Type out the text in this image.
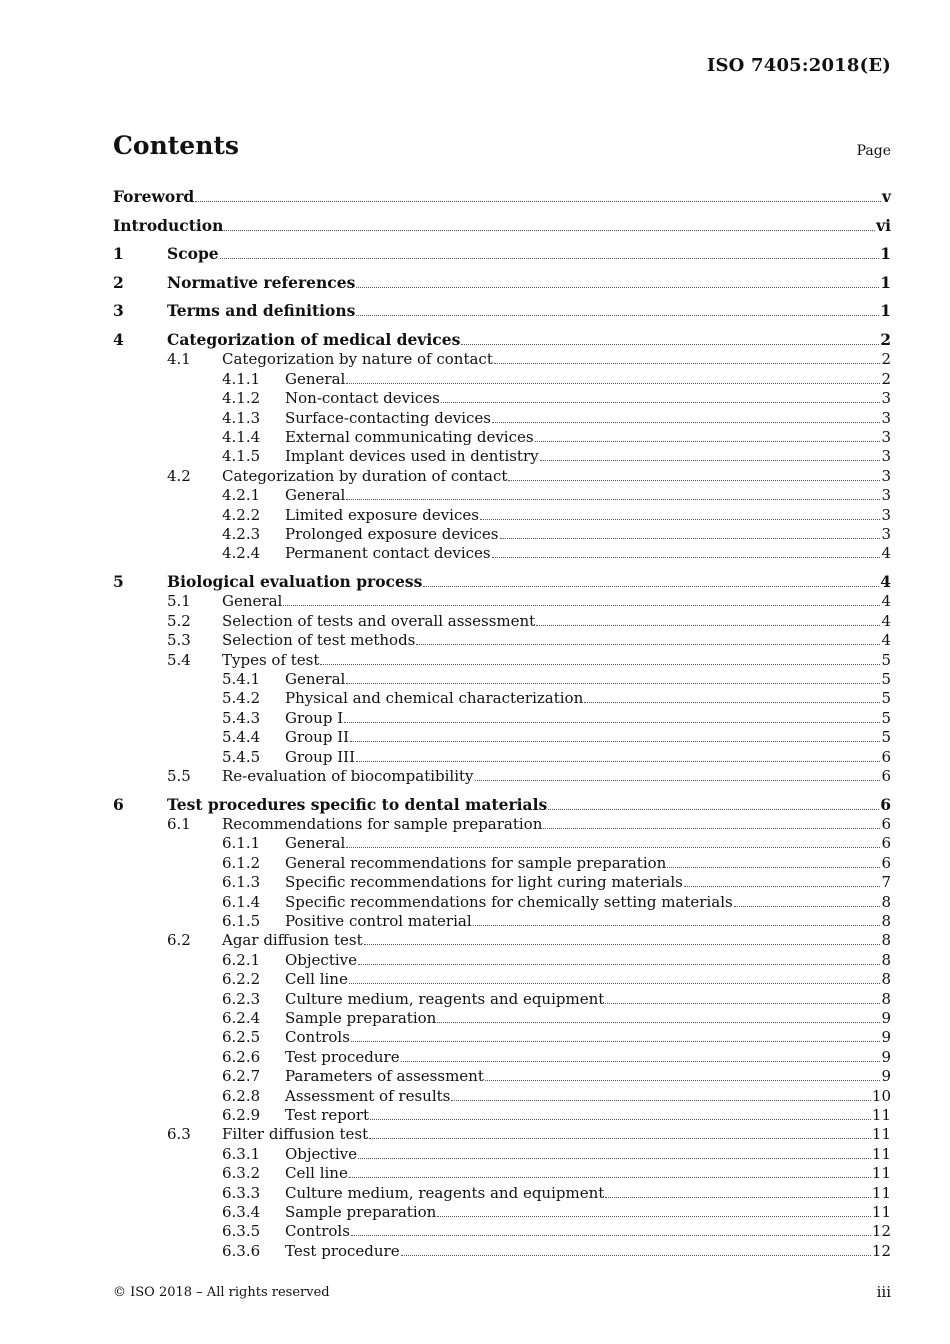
ISO 7405:2018(E)
Contents	Page
Foreword	v
Introduction	vi
1	Scope	1
2	Normative references	1
3	Terms and definitions	1
4	Categorization of medical devices	2
4.1	Categorization by nature of contact	2
4.1.1	General	2
4.1.2	Non-contact devices	3
4.1.3	Surface-contacting devices	3
4.1.4	External communicating devices	3
4.1.5	Implant devices used in dentistry	3
4.2	Categorization by duration of contact	3
4.2.1	General	3
4.2.2	Limited exposure devices	3
4.2.3	Prolonged exposure devices	3
4.2.4	Permanent contact devices	4
5	Biological evaluation process	4
5.1	General	4
5.2	Selection of tests and overall assessment	4
5.3	Selection of test methods	4
5.4	Types of test	5
5.4.1	General	5
5.4.2	Physical and chemical characterization	5
5.4.3	Group I	5
5.4.4	Group II	5
5.4.5	Group III	6
5.5	Re-evaluation of biocompatibility	6
6	Test procedures specific to dental materials	6
6.1	Recommendations for sample preparation	6
6.1.1	General	6
6.1.2	General recommendations for sample preparation	6
6.1.3	Specific recommendations for light curing materials	7
6.1.4	Specific recommendations for chemically setting materials	8
6.1.5	Positive control material	8
6.2	Agar diffusion test	8
6.2.1	Objective	8
6.2.2	Cell line	8
6.2.3	Culture medium, reagents and equipment	8
6.2.4	Sample preparation	9
6.2.5	Controls	9
6.2.6	Test procedure	9
6.2.7	Parameters of assessment	9
6.2.8	Assessment of results	10
6.2.9	Test report	11
6.3	Filter diffusion test	11
6.3.1	Objective	11
6.3.2	Cell line	11
6.3.3	Culture medium, reagents and equipment	11
6.3.4	Sample preparation	11
6.3.5	Controls	12
6.3.6	Test procedure	12
© ISO 2018 – All rights reserved	iii
